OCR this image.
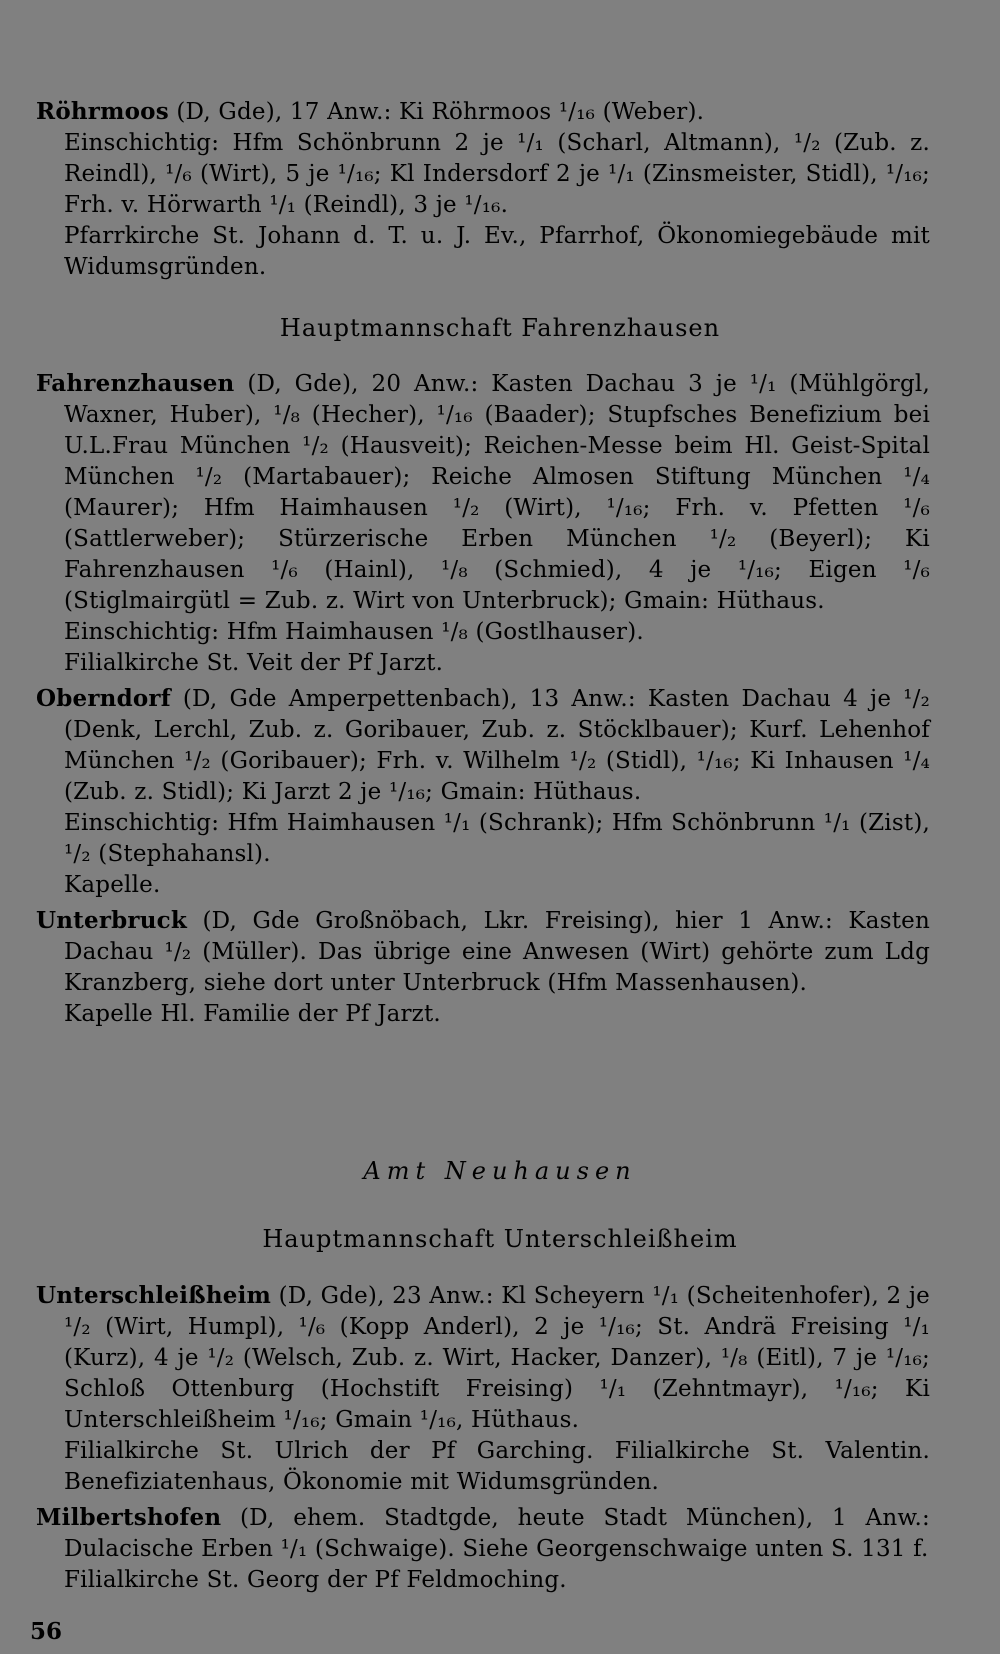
Röhrmoos (D, Gde), 17 Anw.: Ki Röhrmoos ¹/₁₆ (Weber).
Einschichtig: Hfm Schönbrunn 2 je ¹/₁ (Scharl, Altmann), ¹/₂ (Zub. z. Reindl), ¹/₆ (Wirt), 5 je ¹/₁₆; Kl Indersdorf 2 je ¹/₁ (Zinsmeister, Stidl), ¹/₁₆; Frh. v. Hörwarth ¹/₁ (Reindl), 3 je ¹/₁₆.
Pfarrkirche St. Johann d. T. u. J. Ev., Pfarrhof, Ökonomiegebäude mit Widumsgründen.

Hauptmannschaft Fahrenzhausen

Fahrenzhausen (D, Gde), 20 Anw.: Kasten Dachau 3 je ¹/₁ (Mühlgörgl, Waxner, Huber), ¹/₈ (Hecher), ¹/₁₆ (Baader); Stupfsches Benefizium bei U.L.Frau München ¹/₂ (Hausveit); Reichen-Messe beim Hl. Geist-Spital München ¹/₂ (Martabauer); Reiche Almosen Stiftung München ¹/₄ (Maurer); Hfm Haimhausen ¹/₂ (Wirt), ¹/₁₆; Frh. v. Pfetten ¹/₆ (Sattlerweber); Stürzerische Erben München ¹/₂ (Beyerl); Ki Fahrenzhausen ¹/₆ (Hainl), ¹/₈ (Schmied), 4 je ¹/₁₆; Eigen ¹/₆ (Stiglmairgütl = Zub. z. Wirt von Unterbruck); Gmain: Hüthaus.
Einschichtig: Hfm Haimhausen ¹/₈ (Gostlhauser).
Filialkirche St. Veit der Pf Jarzt.

Oberndorf (D, Gde Amperpettenbach), 13 Anw.: Kasten Dachau 4 je ¹/₂ (Denk, Lerchl, Zub. z. Goribauer, Zub. z. Stöcklbauer); Kurf. Lehenhof München ¹/₂ (Goribauer); Frh. v. Wilhelm ¹/₂ (Stidl), ¹/₁₆; Ki Inhausen ¹/₄ (Zub. z. Stidl); Ki Jarzt 2 je ¹/₁₆; Gmain: Hüthaus.
Einschichtig: Hfm Haimhausen ¹/₁ (Schrank); Hfm Schönbrunn ¹/₁ (Zist), ¹/₂ (Stephahansl).
Kapelle.

Unterbruck (D, Gde Großnöbach, Lkr. Freising), hier 1 Anw.: Kasten Dachau ¹/₂ (Müller). Das übrige eine Anwesen (Wirt) gehörte zum Ldg Kranzberg, siehe dort unter Unterbruck (Hfm Massenhausen).
Kapelle Hl. Familie der Pf Jarzt.

Amt Neuhausen
Hauptmannschaft Unterschleißheim

Unterschleißheim (D, Gde), 23 Anw.: Kl Scheyern ¹/₁ (Scheitenhofer), 2 je ¹/₂ (Wirt, Humpl), ¹/₆ (Kopp Anderl), 2 je ¹/₁₆; St. Andrä Freising ¹/₁ (Kurz), 4 je ¹/₂ (Welsch, Zub. z. Wirt, Hacker, Danzer), ¹/₈ (Eitl), 7 je ¹/₁₆; Schloß Ottenburg (Hochstift Freising) ¹/₁ (Zehntmayr), ¹/₁₆; Ki Unterschleißheim ¹/₁₆; Gmain ¹/₁₆, Hüthaus.
Filialkirche St. Ulrich der Pf Garching. Filialkirche St. Valentin. Benefiziatenhaus, Ökonomie mit Widumsgründen.

Milbertshofen (D, ehem. Stadtgde, heute Stadt München), 1 Anw.: Dulacische Erben ¹/₁ (Schwaige). Siehe Georgenschwaige unten S. 131 f.
Filialkirche St. Georg der Pf Feldmoching.

56
